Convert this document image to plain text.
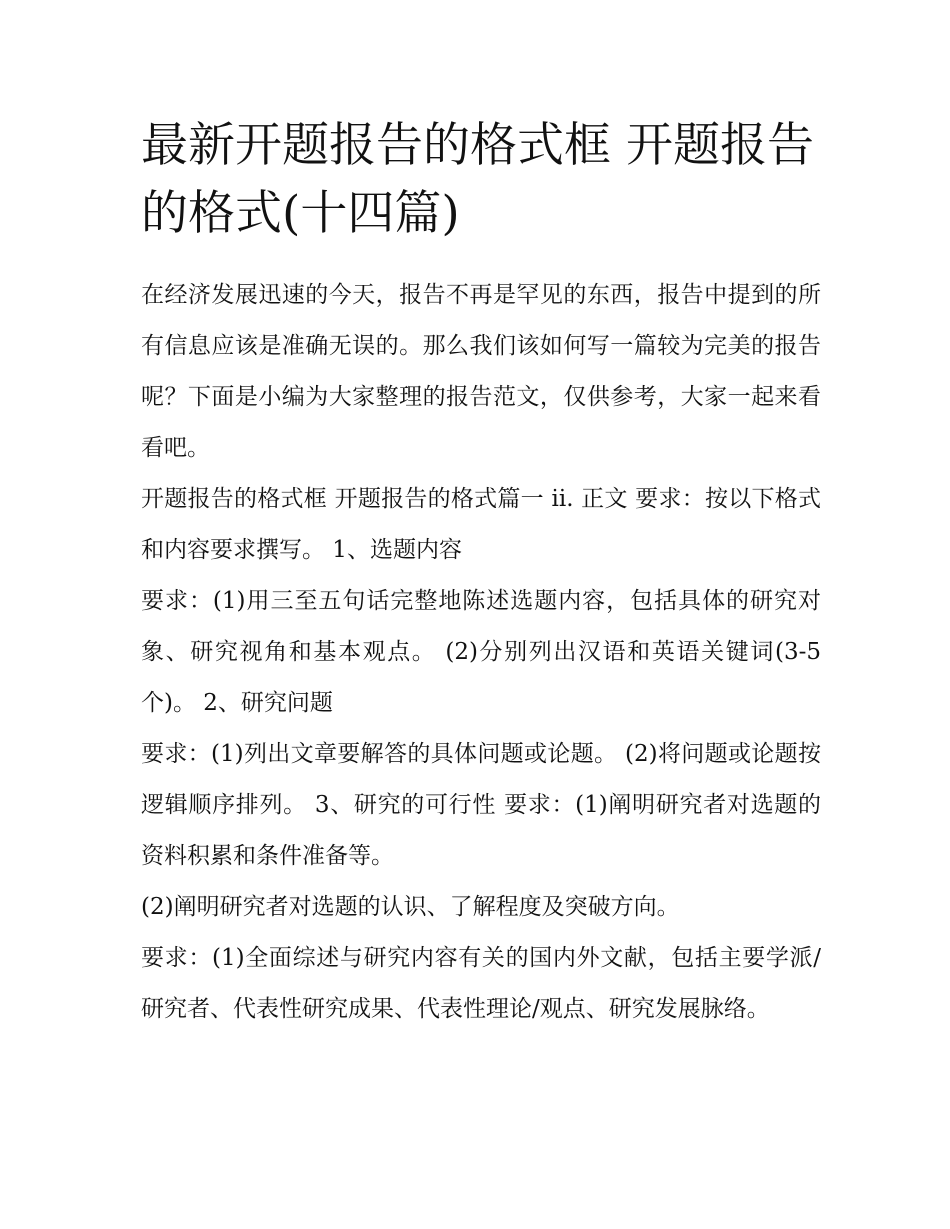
最新开题报告的格式框 开题报告的格式(十四篇)

在经济发展迅速的今天，报告不再是罕见的东西，报告中提到的所有信息应该是准确无误的。那么我们该如何写一篇较为完美的报告呢？下面是小编为大家整理的报告范文，仅供参考，大家一起来看看吧。

开题报告的格式框 开题报告的格式篇一 ii. 正文 要求：按以下格式和内容要求撰写。 1、选题内容

要求：(1)用三至五句话完整地陈述选题内容，包括具体的研究对象、研究视角和基本观点。 (2)分别列出汉语和英语关键词(3-5 个)。 2、研究问题

要求：(1)列出文章要解答的具体问题或论题。 (2)将问题或论题按逻辑顺序排列。 3、研究的可行性 要求：(1)阐明研究者对选题的资料积累和条件准备等。

(2)阐明研究者对选题的认识、了解程度及突破方向。

要求：(1)全面综述与研究内容有关的国内外文献，包括主要学派/研究者、代表性研究成果、代表性理论/观点、研究发展脉络。
